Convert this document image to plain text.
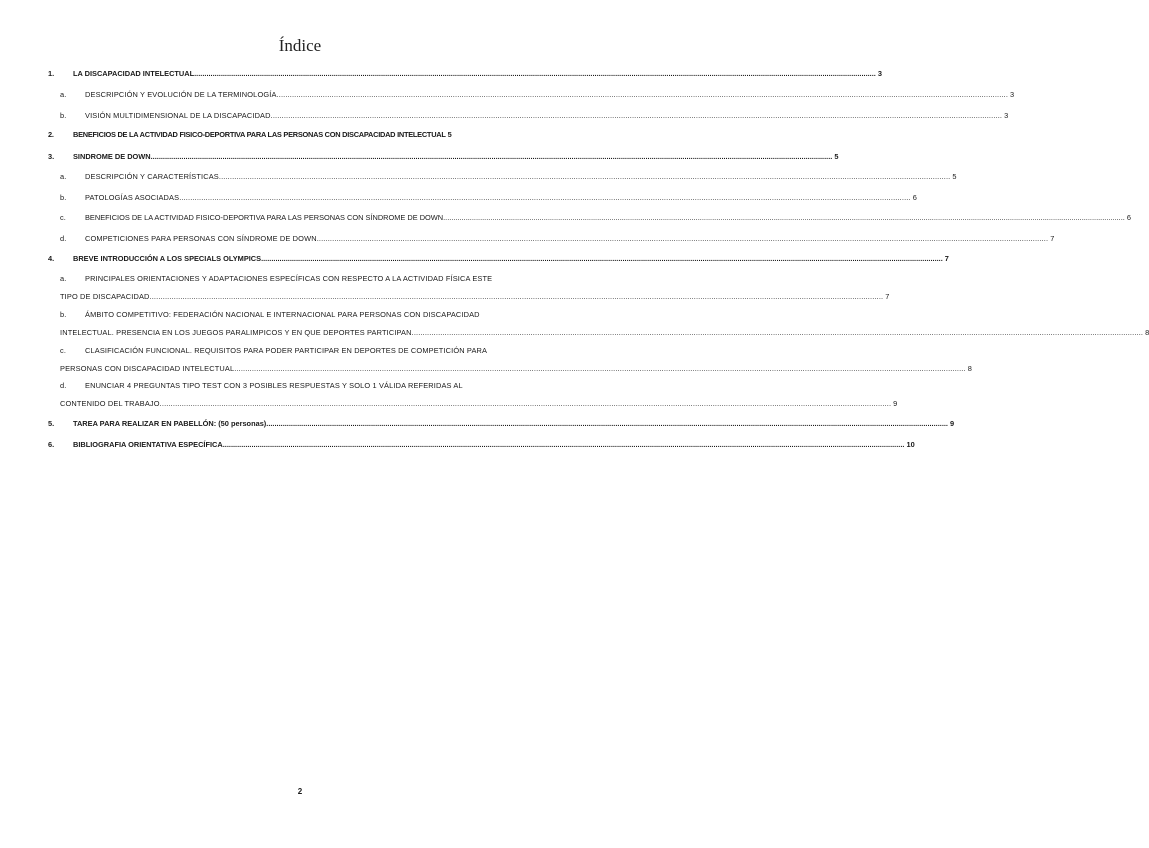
Índice
1.	LA DISCAPACIDAD INTELECTUAL .....	3
a.	DESCRIPCIÓN Y EVOLUCIÓN DE LA TERMINOLOGÍA .....	3
b.	VISIÓN MULTIDIMENSIONAL DE LA DISCAPACIDAD .....	3
2.	BENEFICIOS DE LA ACTIVIDAD FISICO-DEPORTIVA PARA LAS PERSONAS CON DISCAPACIDAD INTELECTUAL 5
3.	SINDROME DE DOWN .....	5
a.	DESCRIPCIÓN Y CARACTERÍSTICAS .....	5
b.	PATOLOGÍAS ASOCIADAS .....	6
c.	BENEFICIOS DE LA ACTIVIDAD FISICO-DEPORTIVA PARA LAS PERSONAS CON SÍNDROME DE DOWN .....	6
d.	COMPETICIONES PARA PERSONAS CON SÍNDROME DE DOWN .....	7
4.	BREVE INTRODUCCIÓN A LOS SPECIALS OLYMPICS .....	7
a.	PRINCIPALES ORIENTACIONES Y ADAPTACIONES ESPECÍFICAS CON RESPECTO A LA ACTIVIDAD FÍSICA ESTE
TIPO DE DISCAPACIDAD. .....	7
b.	ÁMBITO COMPETITIVO: FEDERACIÓN NACIONAL E INTERNACIONAL PARA PERSONAS CON DISCAPACIDAD
INTELECTUAL. PRESENCIA EN LOS JUEGOS PARALIMPICOS Y EN QUE DEPORTES PARTICIPAN .....	8
c.	CLASIFICACIÓN FUNCIONAL. REQUISITOS PARA PODER PARTICIPAR EN DEPORTES DE COMPETICIÓN PARA
PERSONAS CON DISCAPACIDAD INTELECTUAL .....	8
d.	ENUNCIAR 4 PREGUNTAS TIPO TEST CON 3 POSIBLES RESPUESTAS Y SOLO 1 VÁLIDA REFERIDAS AL
CONTENIDO DEL TRABAJO .....	9
5.	TAREA PARA REALIZAR EN PABELLÓN: (50 personas) .....	9
6.	BIBLIOGRAFIA ORIENTATIVA ESPECÍFICA .....	10
2
